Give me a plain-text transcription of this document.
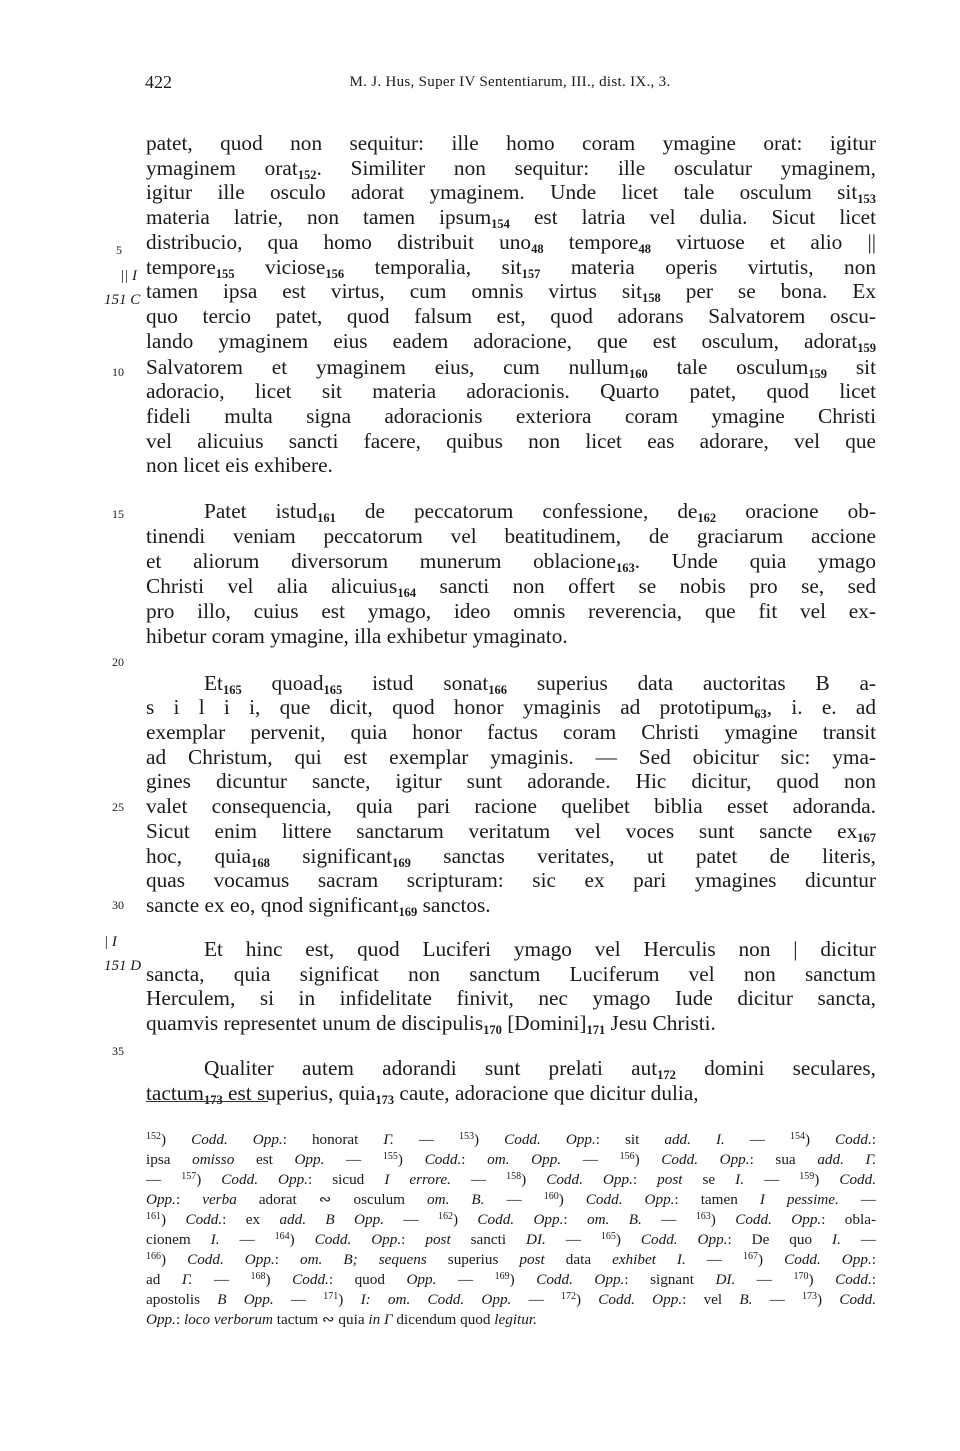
422	M. J. Hus, Super IV Sententiarum, III., dist. IX., 3.
patet, quod non sequitur: ille homo coram ymagine orat: igitur
ymaginem orat$_{152}$. Similiter non sequitur: ille osculatur ymaginem,
igitur ille osculo adorat ymaginem. Unde licet tale osculum sit$_{153}$
materia latrie, non tamen ipsum$_{154}$ est latria vel dulia. Sicut licet
distribucio, qua homo distribuit uno$_{48}$ tempore$_{48}$ virtuose et alio ||
tempore$_{155}$ viciose$_{156}$ temporalia, sit$_{157}$ materia operis virtutis, non
tamen ipsa est virtus, cum omnis virtus sit$_{158}$ per se bona. Ex
quo tercio patet, quod falsum est, quod adorans Salvatorem oscu-
lando ymaginem eius eadem adoracione, que est osculum, adorat$_{159}$
Salvatorem et ymaginem eius, cum nullum$_{160}$ tale osculum$_{159}$ sit
adoracio, licet sit materia adoracionis. Quarto patet, quod licet
fideli multa signa adoracionis exteriora coram ymagine Christi
vel alicuius sancti facere, quibus non licet eas adorare, vel que
non licet eis exhibere.
Patet istud$_{161}$ de peccatorum confessione, $de_{162}$ oracione ob-
tinendi veniam peccatorum vel beatitudinem, de graciarum accione
et aliorum diversorum munerum oblacione$_{163}$. Unde quia ymago
Christi vel alia alicuius$_{164}$ sancti non offert se nobis pro se, sed
pro illo, cuius est ymago, ideo omnis reverencia, que fit vel ex-
hibetur coram ymagine, illa exhibetur ymaginato.
$Et_{165}$ quoad$_{165}$ istud sonat$_{166}$ superius data auctoritas B a-
s i l i i, que dicit, quod honor ymaginis ad prototipum$_{63}$, i. e. ad
exemplar pervenit, quia honor factus coram Christi ymagine transit
ad Christum, qui est exemplar ymaginis. — Sed obicitur sic: yma-
gines dicuntur sancte, igitur sunt adorande. Hic dicitur, quod non
valet consequencia, quia pari racione quelibet biblia esset adoranda.
Sicut enim littere sanctarum veritatum vel voces sunt sancte $ex_{167}$
hoc, quia$_{168}$ significant$_{169}$ sanctas veritates, ut patet de literis,
quas vocamus sacram scripturam: sic ex pari ymagines dicuntur
sancte ex eo, qnod significant$_{169}$ sanctos.
Et hinc est, quod Luciferi ymago vel Herculis non | dicitur
sancta, quia significat non sanctum Luciferum vel non sanctum
Herculem, si in infidelitate finivit, nec ymago Iude dicitur sancta,
quamvis representet unum de discipulis$_{170}$ $[Domini]_{171}$ Jesu Christi.
Qualiter autem adorandi sunt prelati aut$_{172}$ domini seculares,
tactum$_{173}$ est superius, quia$_{173}$ caute, adoracione que dicitur dulia,
5
10
15
20
25
30
35
|| I
151 C
| I
151 D
$^{152}$) Codd. Opp.: honorat Γ. — $^{153}$) Codd. Opp.: sit add. I. — $^{154}$) Codd.:
ipsa omisso est Opp. — $^{155}$) Codd.: om. Opp. — $^{156}$) Codd. Opp.: sua add. Γ.
— $^{157}$) Codd. Opp.: sicud I errore. — $^{158}$) Codd. Opp.: post se I. — $^{159}$) Codd.
Opp.: verba adorat ∾ osculum om. B. — $^{160}$) Codd. Opp.: tamen I pessime. —
$^{161}$) Codd.: ex add. B Opp. — $^{162}$) Codd. Opp.: om. B. — $^{163}$) Codd. Opp.: obla-
cionem I. — $^{164}$) Codd. Opp.: post sancti DI. — $^{165}$) Codd. Opp.: De quo I. —
$^{166}$) Codd. Opp.: om. B; sequens superius post data exhibet I. — $^{167}$) Codd. Opp.:
ad Γ. — $^{168}$) Codd.: quod Opp. — $^{169}$) Codd. Opp.: signant DI. — $^{170}$) Codd.:
apostolis B Opp. — $^{171}$) I: om. Codd. Opp. — $^{172}$) Codd. Opp.: vel B. — $^{173}$) Codd.
Opp.: loco verborum tactum ∾ quia in Γ dicendum quod legitur.
